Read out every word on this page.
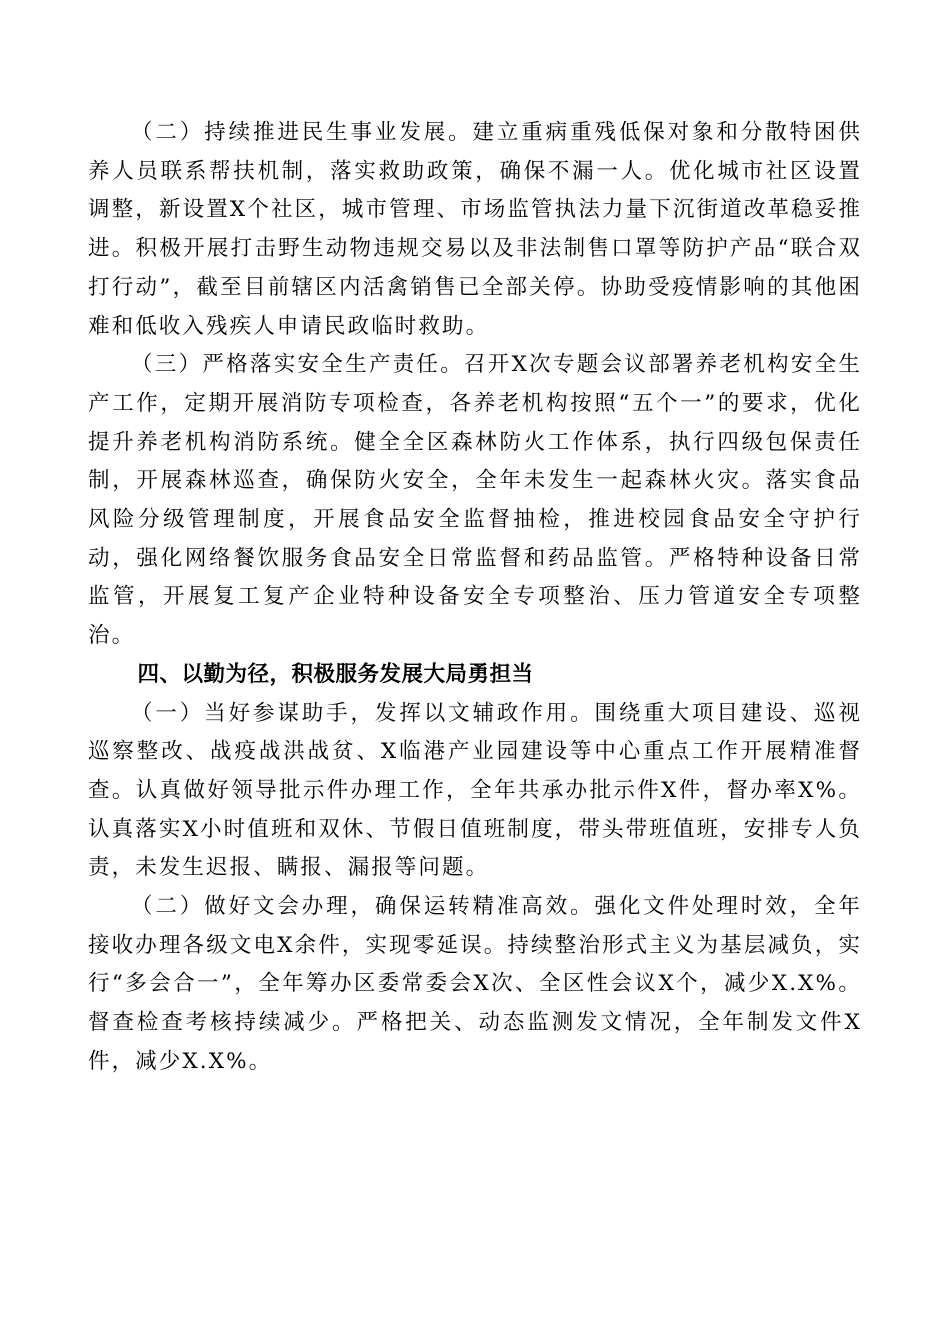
（二）持续推进民生事业发展。建立重病重残低保对象和分散特困供养人员联系帮扶机制，落实救助政策，确保不漏一人。优化城市社区设置调整，新设置X个社区，城市管理、市场监管执法力量下沉街道改革稳妥推进。积极开展打击野生动物违规交易以及非法制售口罩等防护产品“联合双打行动”，截至目前辖区内活禽销售已全部关停。协助受疫情影响的其他困难和低收入残疾人申请民政临时救助。

（三）严格落实安全生产责任。召开X次专题会议部署养老机构安全生产工作，定期开展消防专项检查，各养老机构按照“五个一”的要求，优化提升养老机构消防系统。健全全区森林防火工作体系，执行四级包保责任制，开展森林巡查，确保防火安全，全年未发生一起森林火灾。落实食品风险分级管理制度，开展食品安全监督抽检，推进校园食品安全守护行动，强化网络餐饮服务食品安全日常监督和药品监管。严格特种设备日常监管，开展复工复产企业特种设备安全专项整治、压力管道安全专项整治。

四、以勤为径，积极服务发展大局勇担当

（一）当好参谋助手，发挥以文辅政作用。围绕重大项目建设、巡视巡察整改、战疫战洪战贫、X临港产业园建设等中心重点工作开展精准督查。认真做好领导批示件办理工作，全年共承办批示件X件，督办率X%。认真落实X小时值班和双休、节假日值班制度，带头带班值班，安排专人负责，未发生迟报、瞒报、漏报等问题。

（二）做好文会办理，确保运转精准高效。强化文件处理时效，全年接收办理各级文电X余件，实现零延误。持续整治形式主义为基层减负，实行“多会合一”，全年筹办区委常委会X次、全区性会议X个，减少X.X%。督查检查考核持续减少。严格把关、动态监测发文情况，全年制发文件X件，减少X.X%。
